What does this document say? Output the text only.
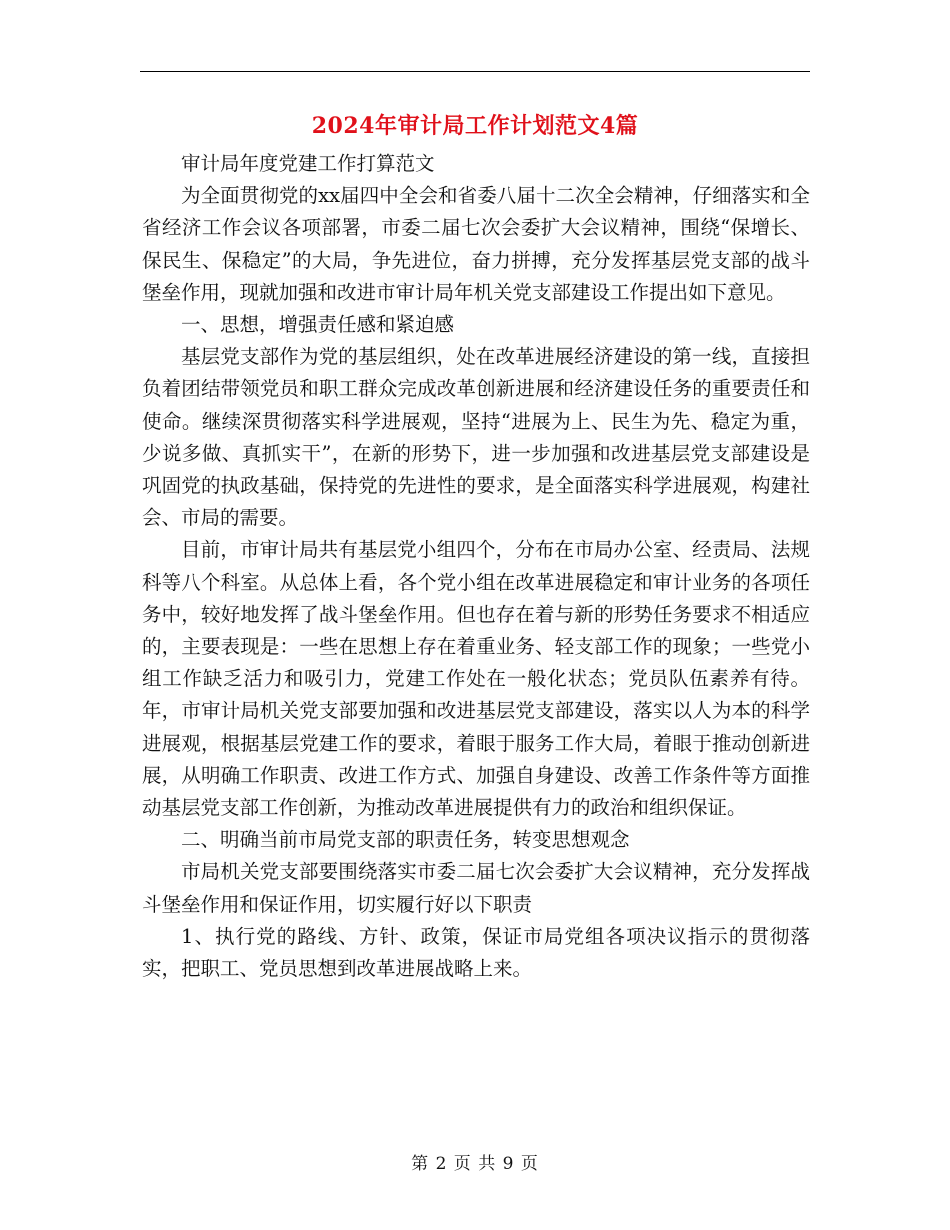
2024年审计局工作计划范文4篇

审计局年度党建工作打算范文

为全面贯彻党的xx届四中全会和省委八届十二次全会精神，仔细落实和全省经济工作会议各项部署，市委二届七次会委扩大会议精神，围绕“保增长、保民生、保稳定”的大局，争先进位，奋力拼搏，充分发挥基层党支部的战斗堡垒作用，现就加强和改进市审计局年机关党支部建设工作提出如下意见。

一、思想，增强责任感和紧迫感

基层党支部作为党的基层组织，处在改革进展经济建设的第一线，直接担负着团结带领党员和职工群众完成改革创新进展和经济建设任务的重要责任和使命。继续深贯彻落实科学进展观，坚持“进展为上、民生为先、稳定为重，少说多做、真抓实干”，在新的形势下，进一步加强和改进基层党支部建设是巩固党的执政基础，保持党的先进性的要求，是全面落实科学进展观，构建社会、市局的需要。

目前，市审计局共有基层党小组四个，分布在市局办公室、经责局、法规科等八个科室。从总体上看，各个党小组在改革进展稳定和审计业务的各项任务中，较好地发挥了战斗堡垒作用。但也存在着与新的形势任务要求不相适应的，主要表现是：一些在思想上存在着重业务、轻支部工作的现象；一些党小组工作缺乏活力和吸引力，党建工作处在一般化状态；党员队伍素养有待。年，市审计局机关党支部要加强和改进基层党支部建设，落实以人为本的科学进展观，根据基层党建工作的要求，着眼于服务工作大局，着眼于推动创新进展，从明确工作职责、改进工作方式、加强自身建设、改善工作条件等方面推动基层党支部工作创新，为推动改革进展提供有力的政治和组织保证。

二、明确当前市局党支部的职责任务，转变思想观念

市局机关党支部要围绕落实市委二届七次会委扩大会议精神，充分发挥战斗堡垒作用和保证作用，切实履行好以下职责

1、执行党的路线、方针、政策，保证市局党组各项决议指示的贯彻落实，把职工、党员思想到改革进展战略上来。

第 2 页 共 9 页
